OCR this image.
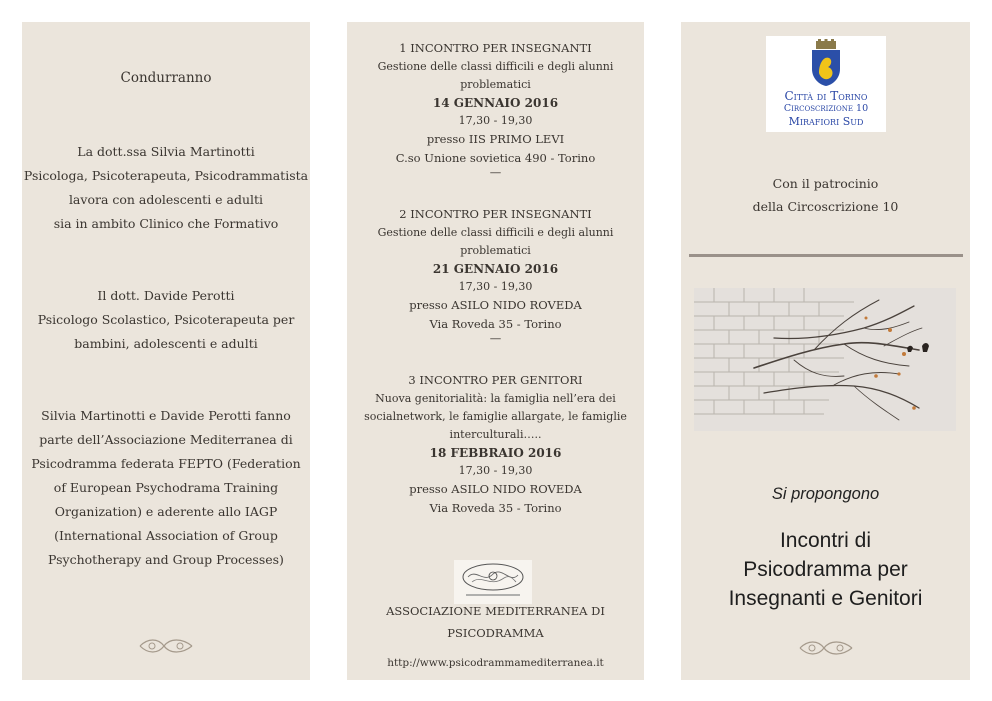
Condurranno
La dott.ssa Silvia Martinotti
Psicologa, Psicoterapeuta, Psicodrammatista
lavora con adolescenti e adulti
sia in ambito Clinico che Formativo
Il dott. Davide Perotti
Psicologo Scolastico, Psicoterapeuta per
bambini, adolescenti e adulti
Silvia Martinotti e Davide Perotti fanno
parte dell’Associazione Mediterranea di
Psicodramma federata FEPTO (Federation
of European Psychodrama Training
Organization) e aderente allo IAGP
(International Association of Group
Psychotherapy and Group Processes)
1 INCONTRO PER INSEGNANTI
Gestione delle classi difficili e degli alunni
problematici
14 GENNAIO 2016
17,30 - 19,30
presso IIS PRIMO LEVI
C.so Unione sovietica 490 - Torino
—
2 INCONTRO PER INSEGNANTI
Gestione delle classi difficili e degli alunni
problematici
21 GENNAIO 2016
17,30 - 19,30
presso ASILO NIDO ROVEDA
Via Roveda 35 - Torino
—
3 INCONTRO PER GENITORI
Nuova genitorialità: la famiglia nell’era dei
socialnetwork, le famiglie allargate, le famiglie
interculturali…..
18 FEBBRAIO 2016
17,30 - 19,30
presso ASILO NIDO ROVEDA
Via Roveda 35 - Torino
ASSOCIAZIONE MEDITERRANEA DI
PSICODRAMMA
http://www.psicodrammamediterranea.it
Città di Torino
Circoscrizione 10
Mirafiori Sud
Con il patrocinio
della Circoscrizione 10
Si propongono
Incontri di
Psicodramma per
Insegnanti e Genitori
